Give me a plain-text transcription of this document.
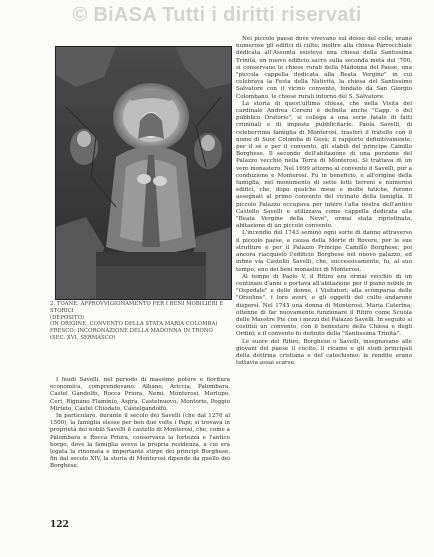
© BiASA Tutti i diritti riservati

2. TOANE, APPROVVIGIONAMENTO PER I BENI MOBILIERI E STORICI

(DEPOSITO)

(IN ORIGINE, CONVENTO DELLA STATA MARIA COLOMBA)

FRESCO: INCORONAZIONE DELLA MADONNA IN TRONO

(SEC. XVI, SERMASCO)

Nel piccolo paese dove vivevano sul dosso del colle, erano numerose gli edifici di culto; inoltre alla chiesa Parrocchiale dedicata all'Assunta esisteva una chiesa della Santissima Trinità, un nuovo edificio sacro sulla seconda metà del '700, si conservano le chiese rurali della Madonna del Paese, una "piccola cappella dedicata alla Beata Vergine" in cui celebrava la Festa della Natività, la chiesa del Santissimo Salvatore con il vicino convento, fondato da San Giorgio Colombano, le chiese rurali intorno del S. Salvatore.

La storia di quest'ultima chiesa, che nella Visita del cardinale Andrea Corsini è definita anche "Capp. o del pubblico Oratorio", si collega a una serie fatale di fatti criminali e di imposte pubblicitarie. Paola Savelli, di celeberrima famiglia di Monterosi, trasferì il fratello con il nome di Suor Colomba di Gesù; il rapporto definitivamente, per il sé e per il convento, gli stabili del principe Camillo Borghese. Il secondo dell'abitazione di una porzione del Palazzo vecchio nella Terra di Monterosi. Si trattava di un vero monastero. Nel 1699 attorno al convento il Savelli, pur a conduzione e Monterosi. Fu in beneficio, e all'origine della famiglia, nel monumento di sette lotti terreni e numerosi edifici, che, dopo qualche mese e molte fatiche, furono assegnati al primo convento del vicinato della famiglia. Il piccolo Palazzo occupava per intero l'alta nostra dell'antico Castello Savelli e utilizzava come cappella dedicata alla "Beata Vergine della Neve", ormai stata ripristinata, abitazione di un piccolo convento.

L'incendio del 1743 seminò ogni sorte di danno attraverso il piccolo paese, a causa della Morte di Rovere, per le sue strutture e per il Palazzo Principe Camillo Borghese; poi ancora riacquistò l'edificio Borghese nel nuovo palazzo, ed infine via Castello Savelli, che, successivamente, fu, al suo tempo, uno dei beni monastici di Monterosi.

Al tempo di Paolo V, il Ritiro era ormai vecchio di un centinaio d'anni e portava all'abitazione per il piano nobile in "Ospedale" e delle donne, i Visitatori; alla scomparsa delle "Orsoline", i loro averi, e gli oggetti del culto andarono dispersi. Nel 1745 una donna di Monterosi, Maria Caterina, ottenne di far nuovamente funzionare il Ritiro come Scuola delle Maestre Pie con i mezzi del Palazzo Savelli. In seguito si costituì un convento, con il benestare della Chiesa e degli Ordini; e il convento fu definito della "Santissima Trinità".

Le suore del Ritiro, Borghese o Savelli, insegnavano alle giovani del paese il cucito, il ricamo e gli studi principali della dottrina cristiana e del catechismo; le rendite erano tuttavia assai scarse.

I feudi Savelli, nel periodo di massimo potere e fioritura economica, comprendevano: Albano, Ariccia, Palombara, Castel Gandolfo, Rocca Priora, Nemi, Monterosi, Morlupo, Ceri, Rignano Flaminio, Aspra, Castelnuovo, Montorio, Poggio Mirteto, Castel Chiodato, Castelgandolfo.

In particolare, durante il secolo dei Savelli (che dal 1276 al 1500), la famiglia elesse per ben due volte i Papi; si trovava in proprietà dei nobili Savelli il castello di Monterosi, che, come a Palombara e Rocca Priora, conservava la fortezza e l'antico borgo, dove la famiglia aveva la propria residenza, a cui era legata la rinomata e importante stirpe dei principi Borghese, fin dal secolo XIV, la storia di Monterosi dipende da quello dei Borghese.

122
